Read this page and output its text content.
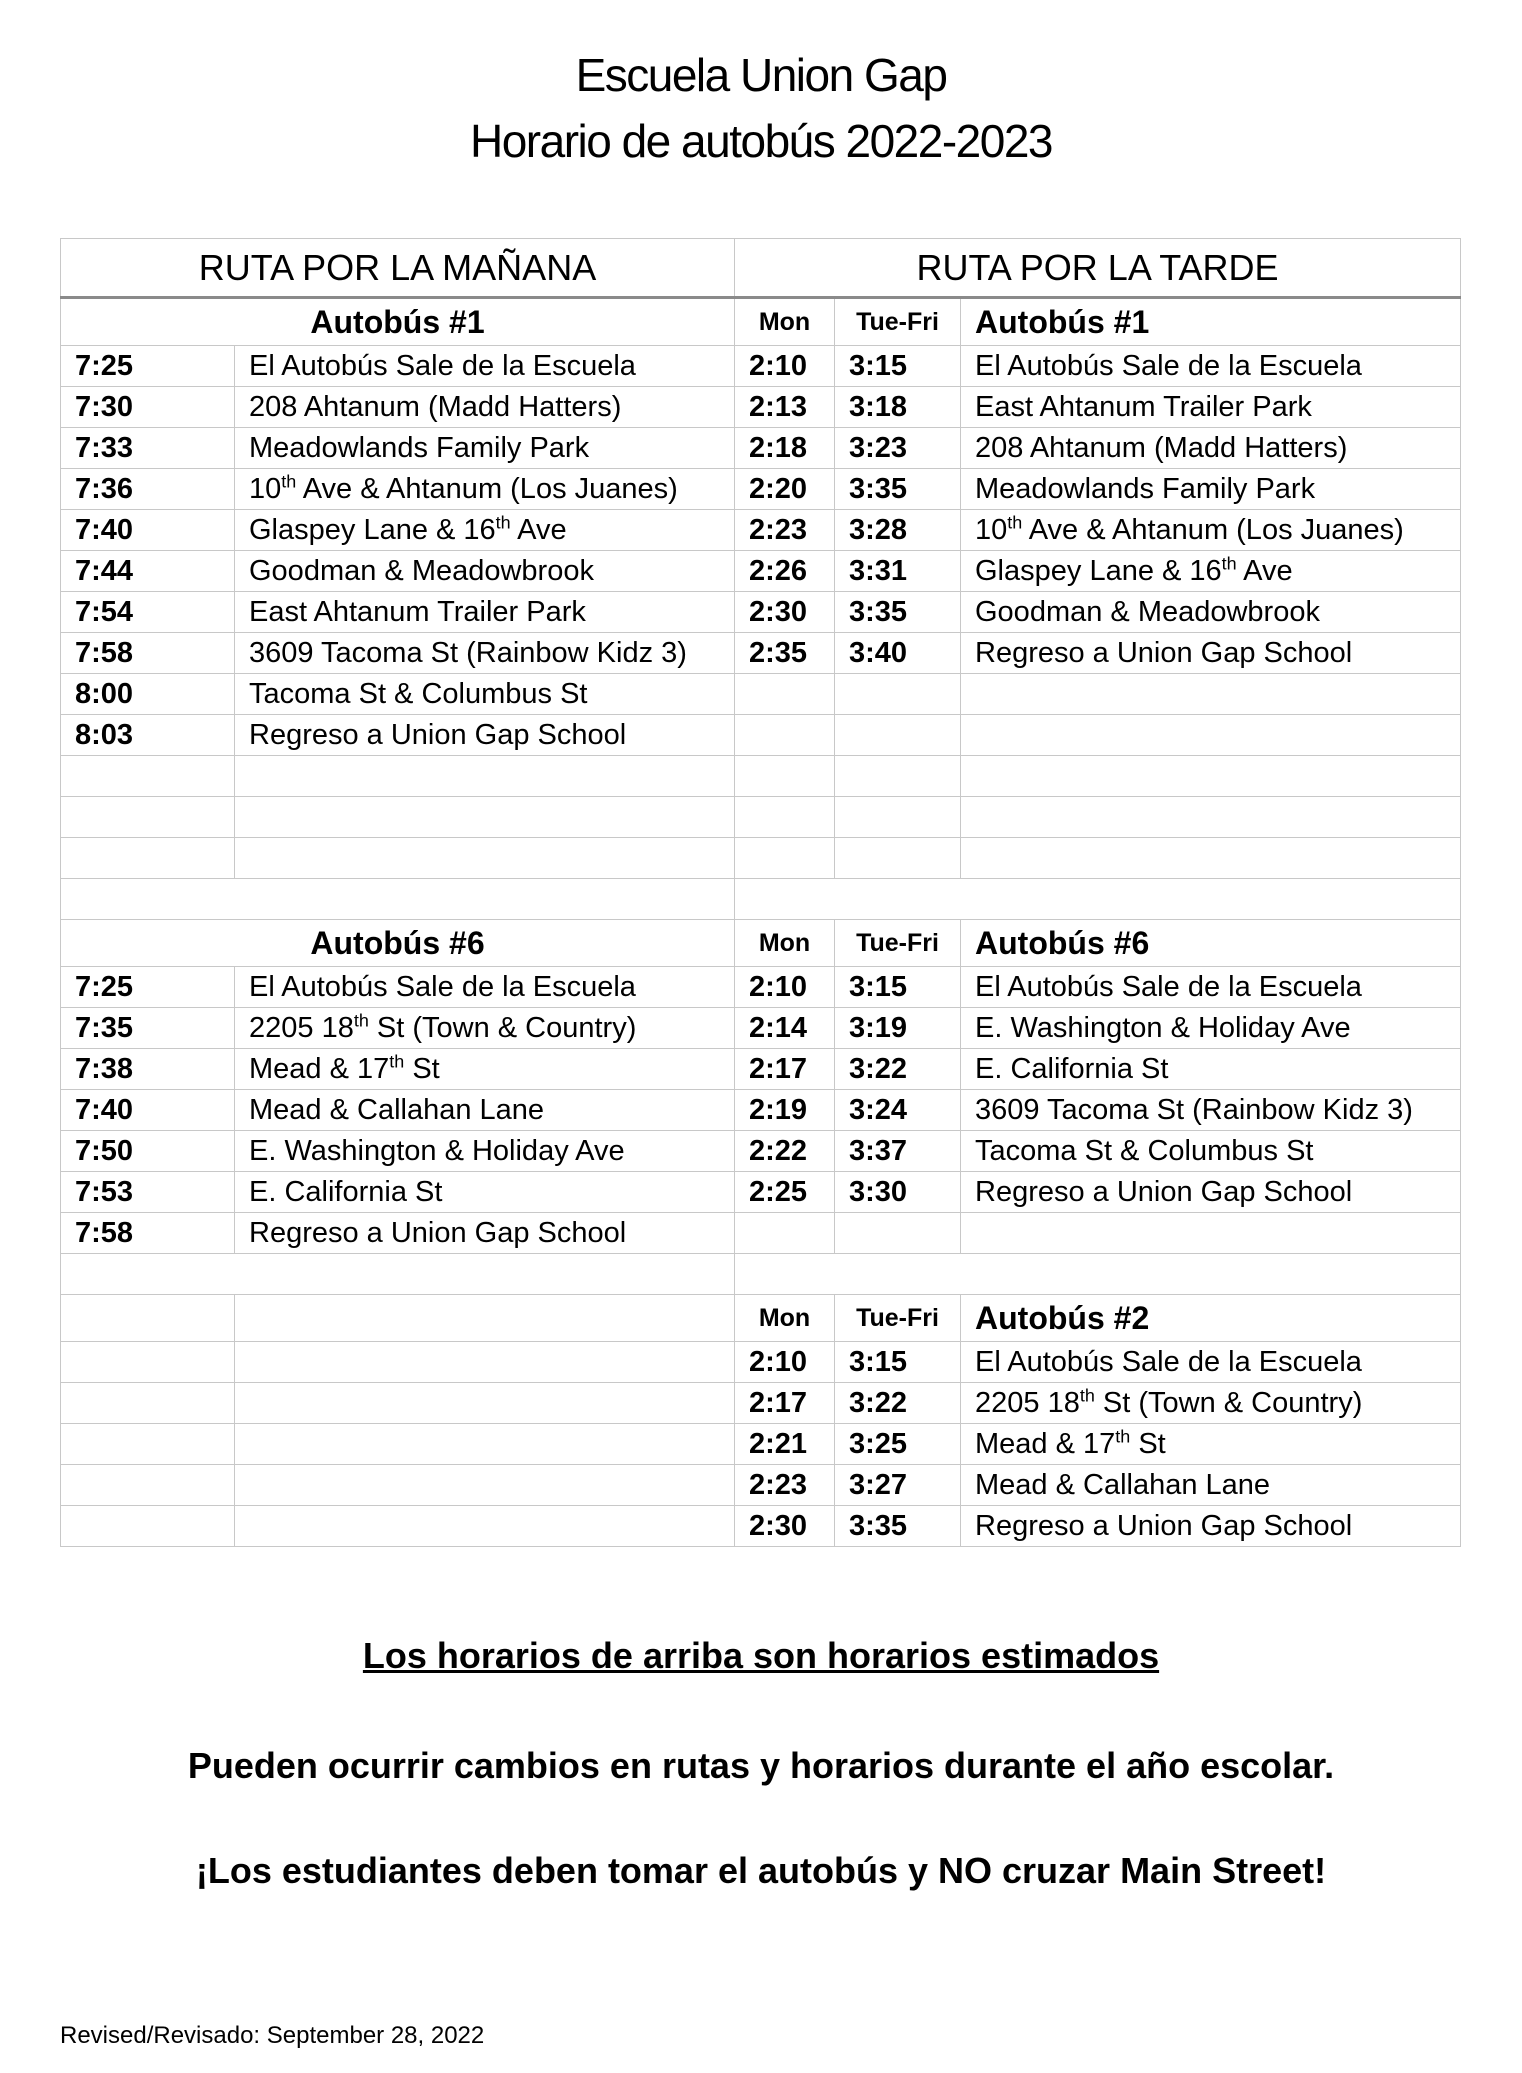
Escuela Union Gap
Horario de autobús 2022-2023
RUTA POR LA MAÑANA		RUTA POR LA TARDE		
Autobús #1		Mon	Tue-Fri	Autobús #1
7:25	El Autobús Sale de la Escuela	2:10	3:15	El Autobús Sale de la Escuela
7:30	208 Ahtanum (Madd Hatters)	2:13	3:18	East Ahtanum Trailer Park
7:33	Meadowlands Family Park	2:18	3:23	208 Ahtanum (Madd Hatters)
7:36	10th Ave & Ahtanum (Los Juanes)	2:20	3:35	Meadowlands Family Park
7:40	Glaspey Lane & 16th Ave	2:23	3:28	10th Ave & Ahtanum (Los Juanes)
7:44	Goodman & Meadowbrook	2:26	3:31	Glaspey Lane & 16th Ave
7:54	East Ahtanum Trailer Park	2:30	3:35	Goodman & Meadowbrook
7:58	3609 Tacoma St (Rainbow Kidz 3)	2:35	3:40	Regreso a Union Gap School
8:00	Tacoma St & Columbus St			
8:03	Regreso a Union Gap School			

Autobús #6		Mon	Tue-Fri	Autobús #6
7:25	El Autobús Sale de la Escuela	2:10	3:15	El Autobús Sale de la Escuela
7:35	2205 18th St (Town & Country)	2:14	3:19	E. Washington & Holiday Ave
7:38	Mead & 17th St	2:17	3:22	E. California St
7:40	Mead & Callahan Lane	2:19	3:24	3609 Tacoma St (Rainbow Kidz 3)
7:50	E. Washington & Holiday Ave	2:22	3:37	Tacoma St & Columbus St
7:53	E. California St	2:25	3:30	Regreso a Union Gap School
7:58	Regreso a Union Gap School			

		Mon	Tue-Fri	Autobús #2
		2:10	3:15	El Autobús Sale de la Escuela
		2:17	3:22	2205 18th St (Town & Country)
		2:21	3:25	Mead & 17th St
		2:23	3:27	Mead & Callahan Lane
		2:30	3:35	Regreso a Union Gap School
Los horarios de arriba son horarios estimados
Pueden ocurrir cambios en rutas y horarios durante el año escolar.
¡Los estudiantes deben tomar el autobús y NO cruzar Main Street!
Revised/Revisado: September 28, 2022
